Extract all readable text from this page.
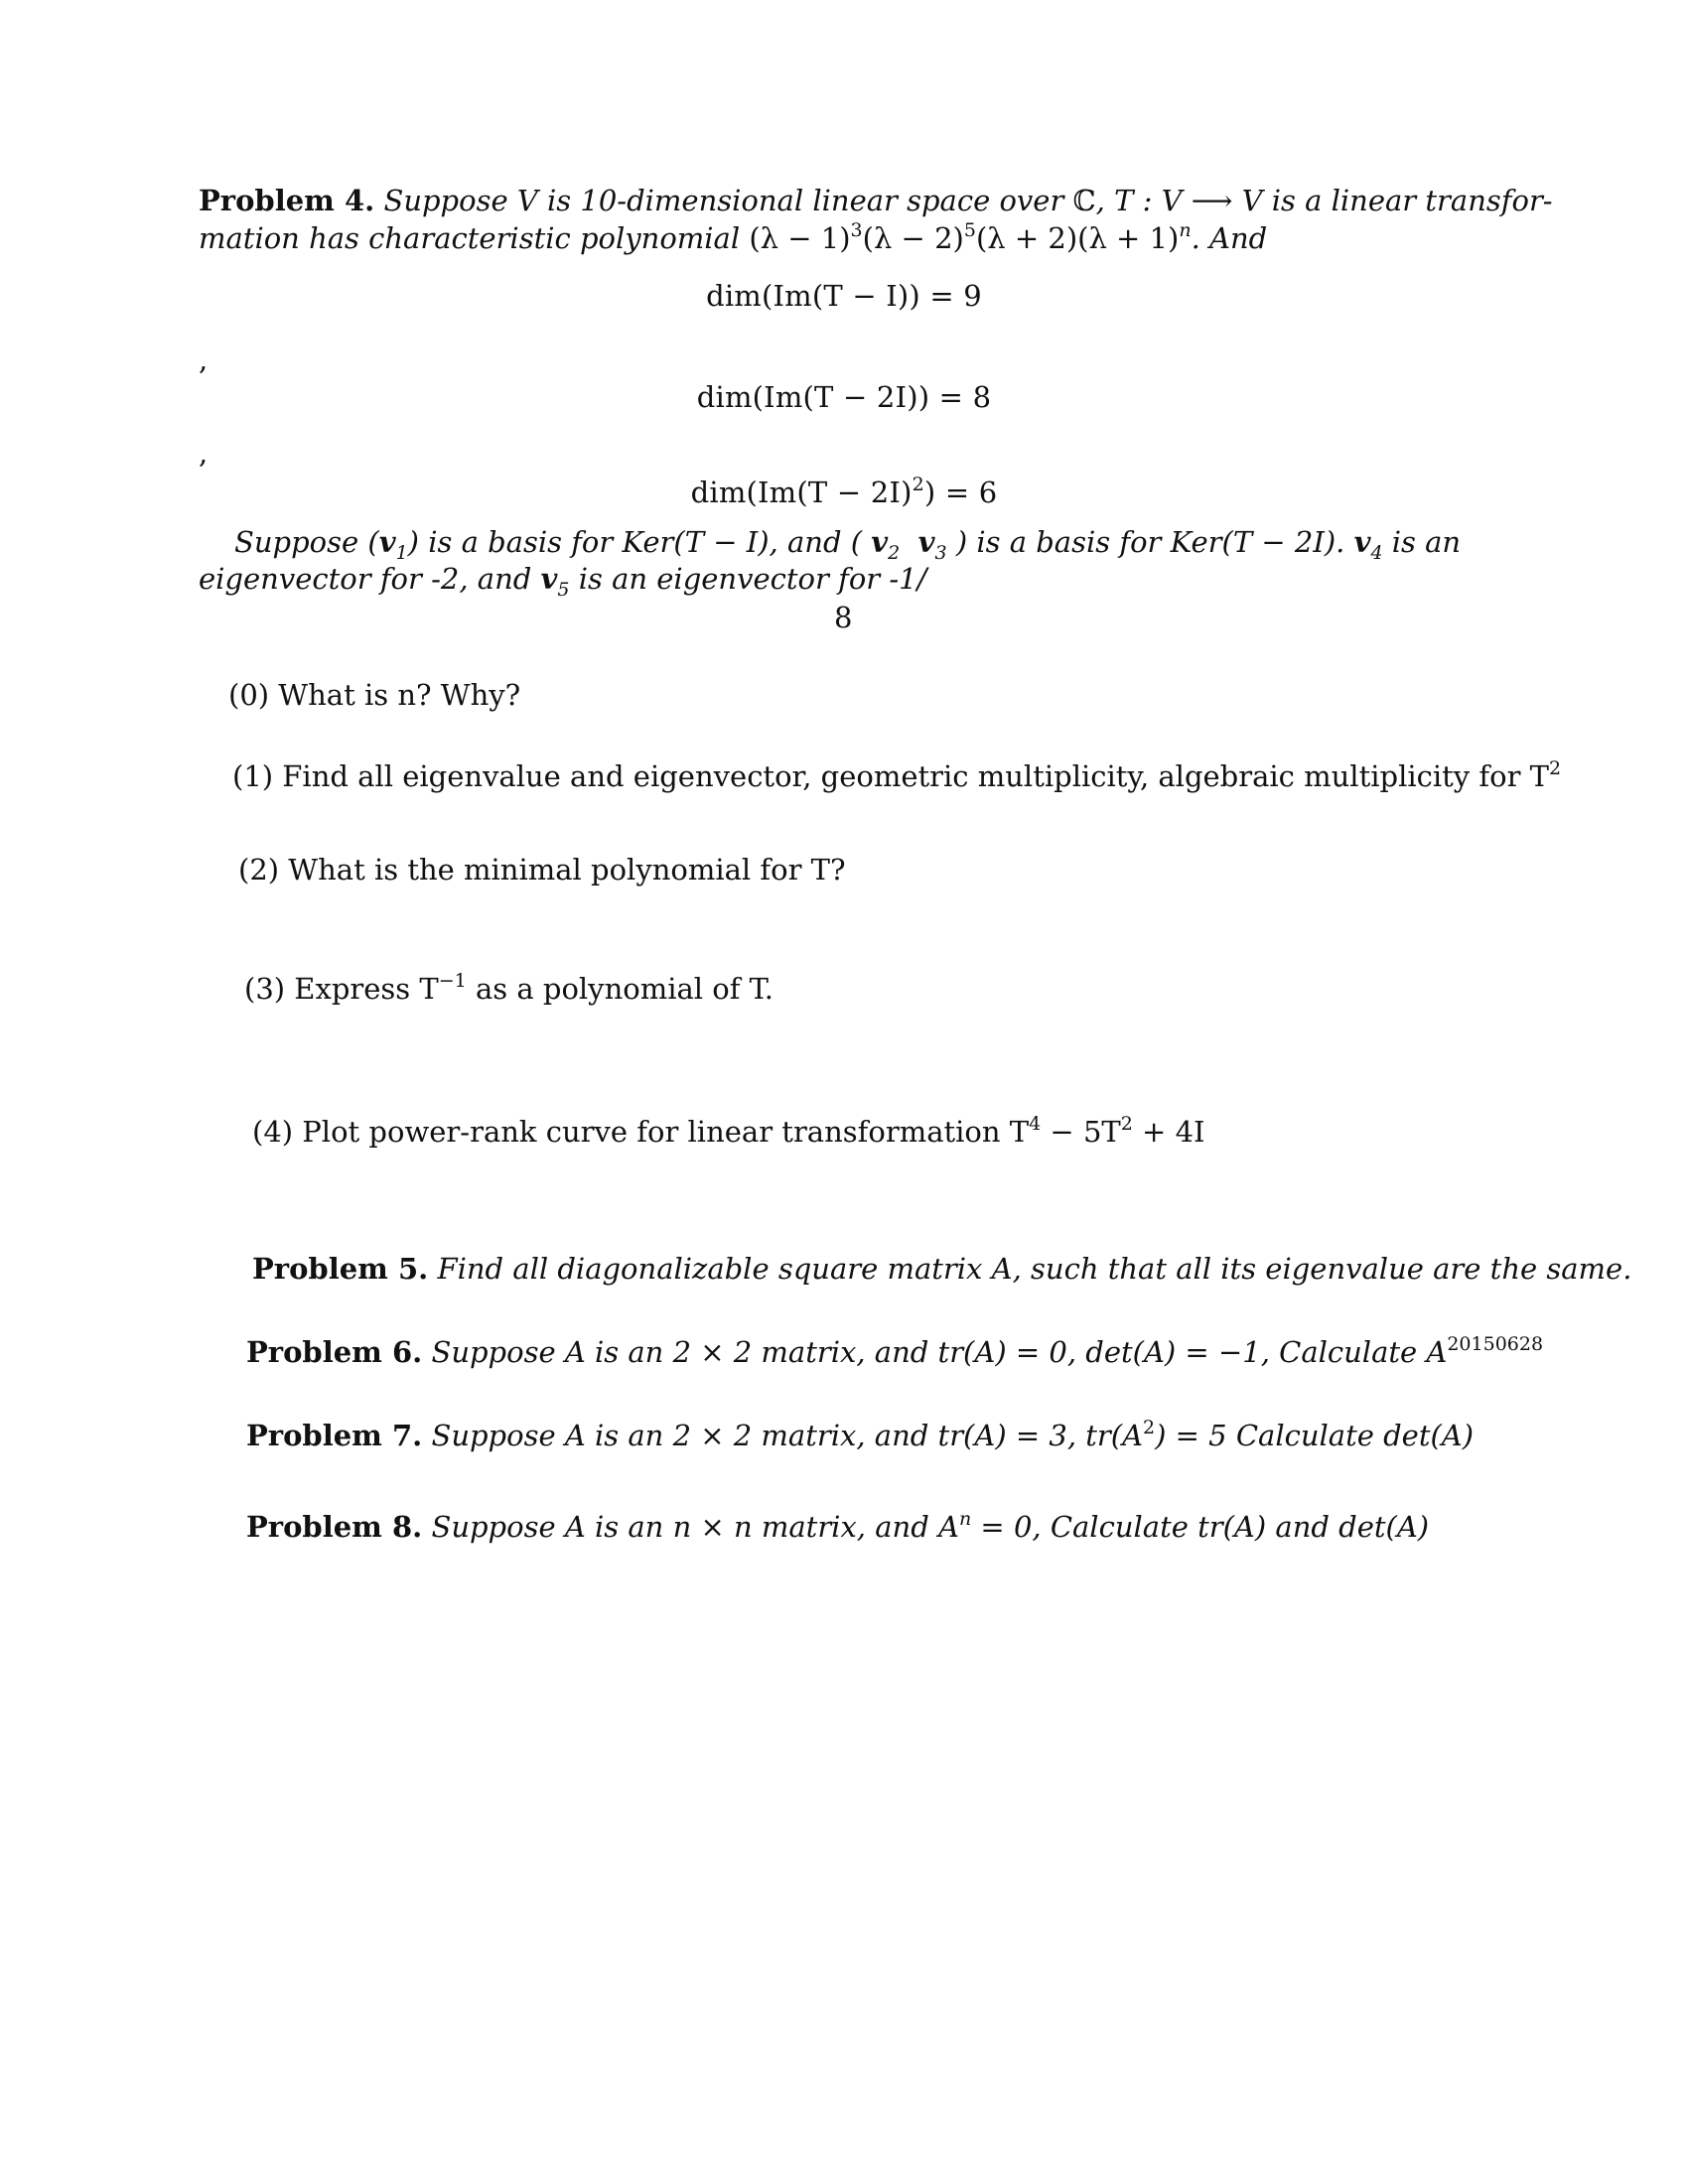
Problem 4. Suppose V is 10-dimensional linear space over ℂ, T : V ⟶ V is a linear transfor-
mation has characteristic polynomial $(\lambda - 1)^3(\lambda - 2)^5(\lambda + 2)(\lambda + 1)^n$. And
dim(Im(T − I)) = 9
,
dim(Im(T − 2I)) = 8
,
$dim(Im(T - 2I)^2) = 6$
Suppose $(v_1)$ is a basis for Ker(T − I), and ( $v_2$ $v_3$ ) is a basis for Ker(T − 2I). $v_4$ is an
eigenvector for -2, and $v_5$ is an eigenvector for -1/
8
(0) What is n? Why?
(1) Find all eigenvalue and eigenvector, geometric multiplicity, algebraic multiplicity for $T^2$
(2) What is the minimal polynomial for T?
(3) Express $T^{-1}$ as a polynomial of T.
(4) Plot power-rank curve for linear transformation $T^4 - 5T^2 + 4I$
Problem 5. Find all diagonalizable square matrix A, such that all its eigenvalue are the same.
Problem 6. Suppose A is an 2 × 2 matrix, and tr(A) = 0, det(A) = −1, Calculate $A^{20150628}$
Problem 7. Suppose A is an 2 × 2 matrix, and tr(A) = 3, $tr(A^2) = 5$ Calculate det(A)
Problem 8. Suppose A is an n × n matrix, and $A^n = 0$, Calculate tr(A) and det(A)
